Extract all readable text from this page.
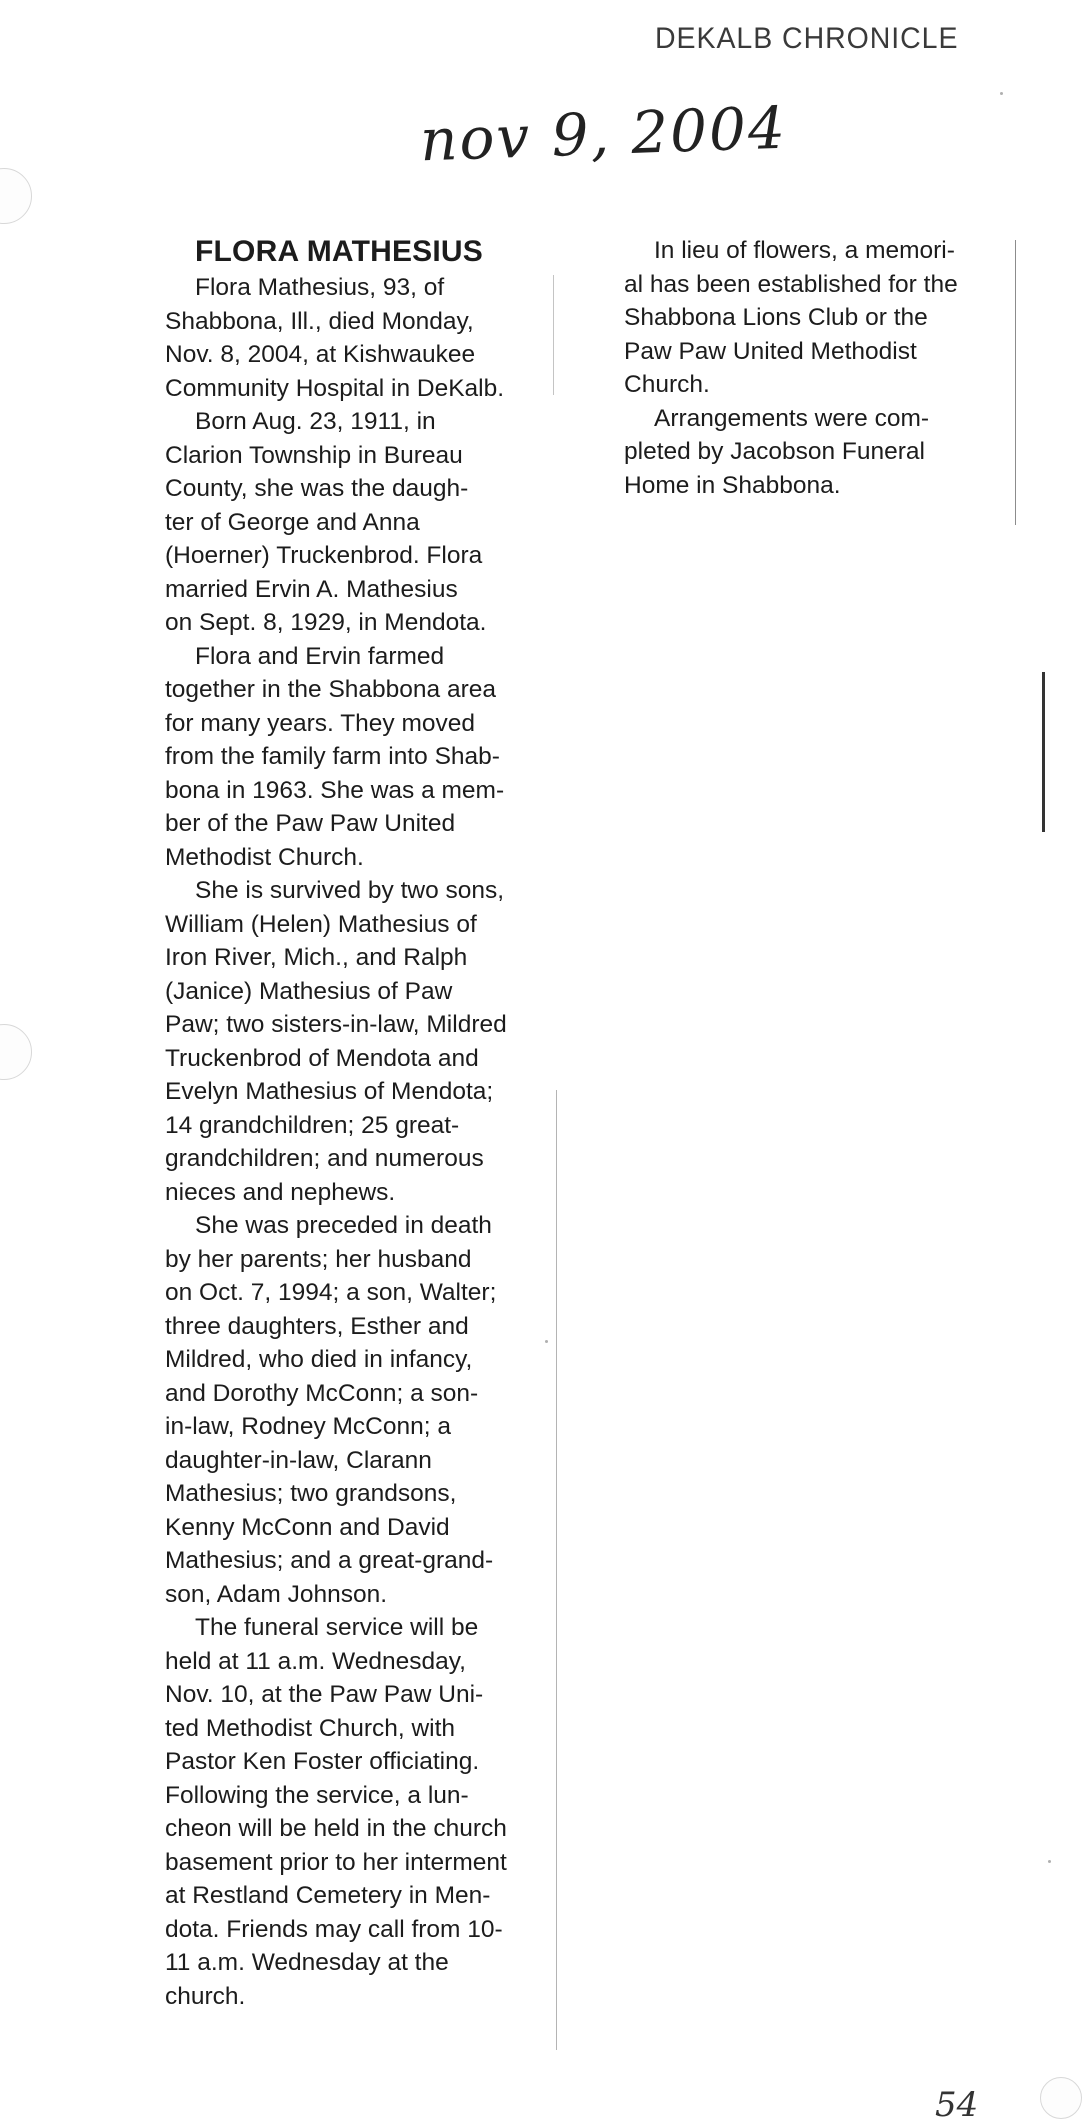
DEKALB CHRONICLE
nov 9, 2004
FLORA MATHESIUS
Flora Mathesius, 93, of
Shabbona, Ill., died Monday,
Nov. 8, 2004, at Kishwaukee
Community Hospital in DeKalb.
Born Aug. 23, 1911, in
Clarion Township in Bureau
County, she was the daugh-
ter of George and Anna
(Hoerner) Truckenbrod. Flora
married Ervin A. Mathesius
on Sept. 8, 1929, in Mendota.
Flora and Ervin farmed
together in the Shabbona area
for many years. They moved
from the family farm into Shab-
bona in 1963. She was a mem-
ber of the Paw Paw United
Methodist Church.
She is survived by two sons,
William (Helen) Mathesius of
Iron River, Mich., and Ralph
(Janice) Mathesius of Paw
Paw; two sisters-in-law, Mildred
Truckenbrod of Mendota and
Evelyn Mathesius of Mendota;
14 grandchildren; 25 great-
grandchildren; and numerous
nieces and nephews.
She was preceded in death
by her parents; her husband
on Oct. 7, 1994; a son, Walter;
three daughters, Esther and
Mildred, who died in infancy,
and Dorothy McConn; a son-
in-law, Rodney McConn; a
daughter-in-law, Clarann
Mathesius; two grandsons,
Kenny McConn and David
Mathesius; and a great-grand-
son, Adam Johnson.
The funeral service will be
held at 11 a.m. Wednesday,
Nov. 10, at the Paw Paw Uni-
ted Methodist Church, with
Pastor Ken Foster officiating.
Following the service, a lun-
cheon will be held in the church
basement prior to her interment
at Restland Cemetery in Men-
dota. Friends may call from 10-
11 a.m. Wednesday at the
church.
In lieu of flowers, a memori-
al has been established for the
Shabbona Lions Club or the
Paw Paw United Methodist
Church.
Arrangements were com-
pleted by Jacobson Funeral
Home in Shabbona.
54
